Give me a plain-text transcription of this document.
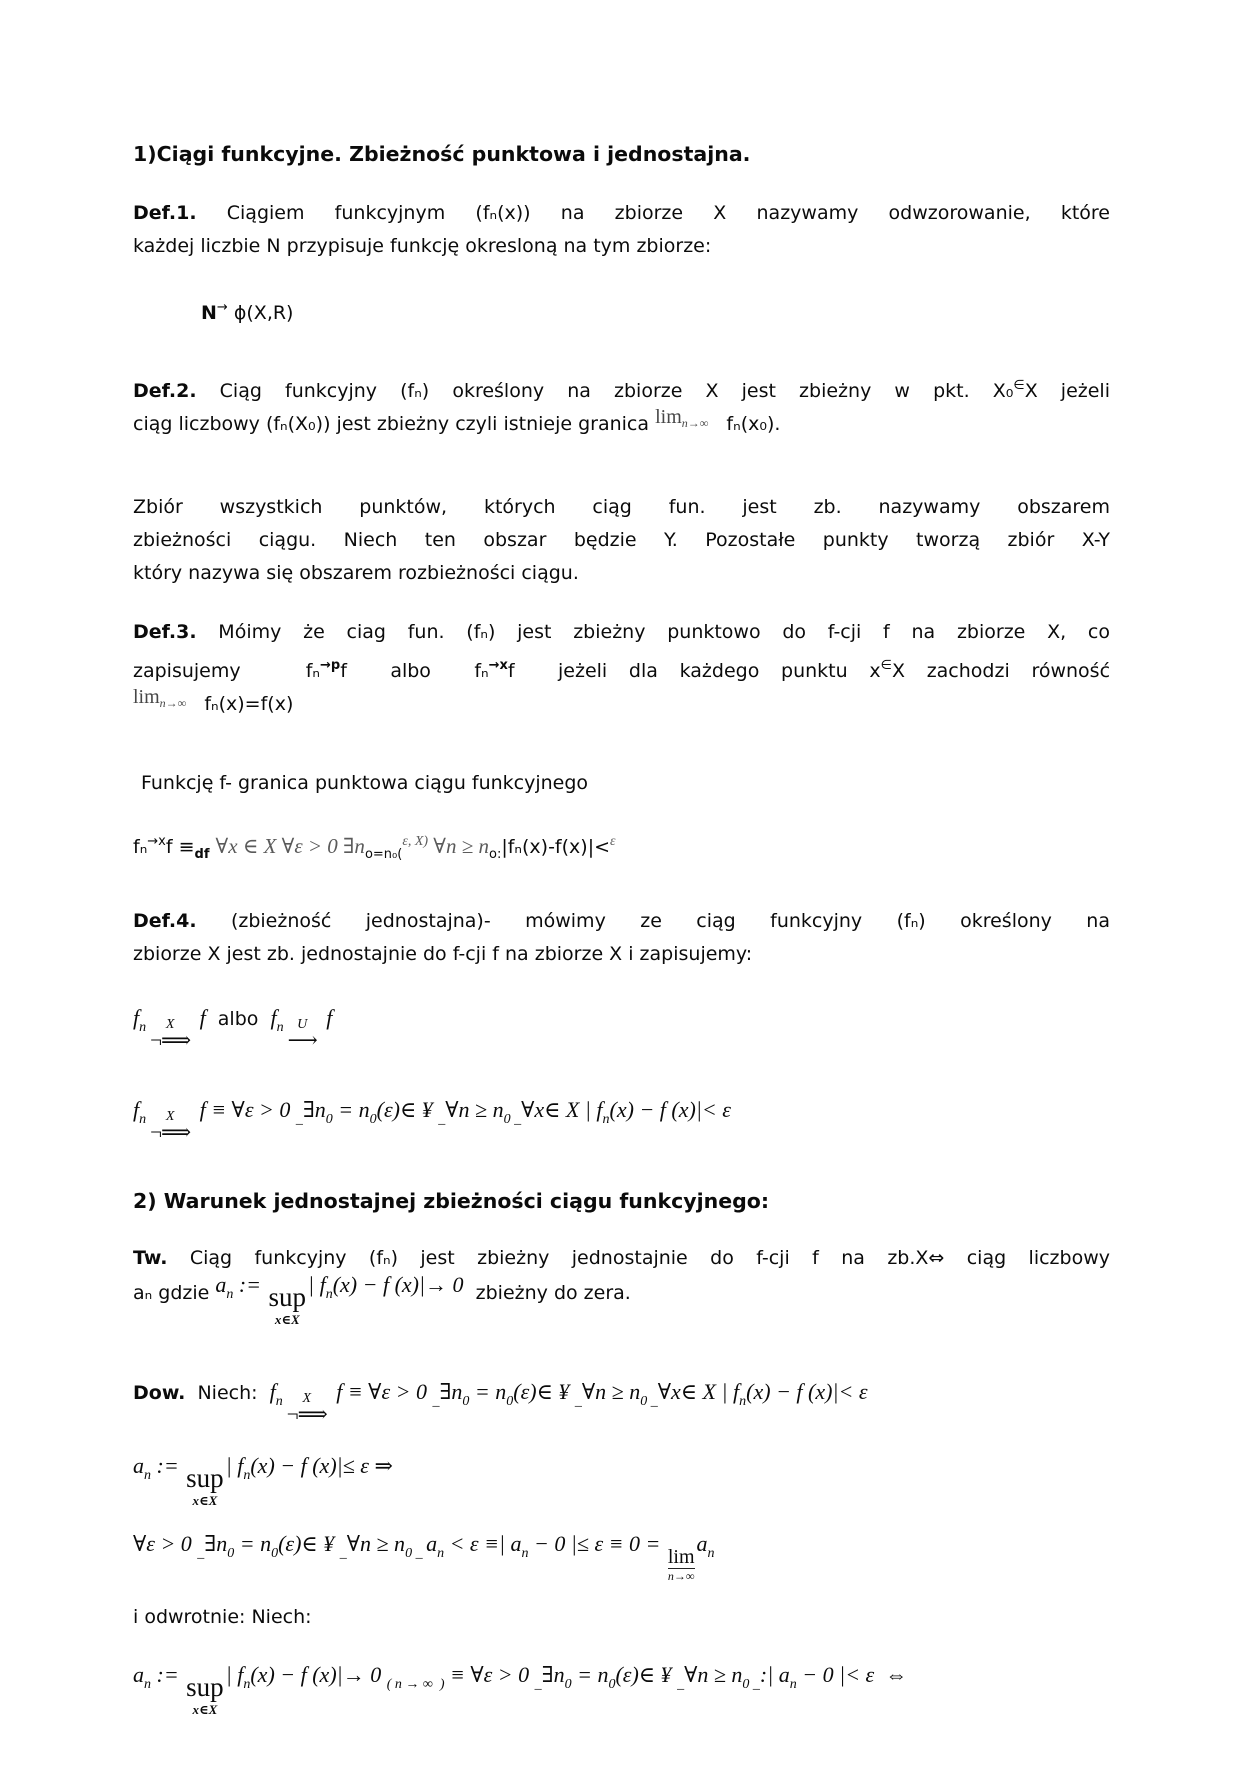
1)Ciągi funkcyjne. Zbieżność punktowa i jednostajna.
Def.1. Ciągiem funkcyjnym (fₙ(x)) na zbiorze X nazywamy odwzorowanie, które
każdej liczbie N przypisuje funkcję okresloną na tym zbiorze:
N→ ϕ(X,R)
Def.2. Ciąg funkcyjny (fₙ) określony na zbiorze X jest zbieżny w pkt. X₀∈X jeżeli
ciąg liczbowy (fₙ(X₀)) jest zbieżny czyli istnieje granica $\lim_{n\to\infty} f_n(x_0)$.
Zbiór wszystkich punktów, których ciąg fun. jest zb. nazywamy obszarem
zbieżności ciągu. Niech ten obszar będzie Y. Pozostałe punkty tworzą zbiór X-Y
który nazywa się obszarem rozbieżności ciągu.
Def.3. Móimy że ciag fun. (fₙ) jest zbieżny punktowo do f-cji f na zbiorze X, co
zapisujemy   fₙ$^{\to p}$f  albo  fₙ$^{\to x}$f  jeżeli dla każdego punktu x∈X zachodzi równość
$\lim_{n\to\infty} f_n(x)=f(x)$
Funkcję f- granica punktowa ciągu funkcyjnego
$f_n^{\to x}f \equiv_{df}$ ∀x ∈ X ∀ε > 0 $\exists n_{o=n_0(}^{\varepsilon, X)}$ ∀n ≥ $n_{o:}|f_n(x)-f(x)|<^\varepsilon$
Def.4. (zbieżność jednostajna)- mówimy ze ciąg funkcyjny (fₙ) określony na
zbiorze X jest zb. jednostajnie do f-cji f na zbiorze X i zapisujemy:
$f_n$ X
¬⟹
f  albo  $f_n$ U
⟶
f
$f_n$ X
¬⟹
f ≡ ∀ε > 0 $_{\_}\exists n_0$ = $n_0(\varepsilon)\in$ ¥ $_{\_}$∀n ≥ $n_{0 \_}\forall x\in$ X | $f_n(x) - f$ (x)|< ε
2) Warunek jednostajnej zbieżności ciągu funkcyjnego:
Tw. Ciąg funkcyjny (fₙ) jest zbieżny jednostajnie do f-cji f na zb.X⇔ ciąg liczbowy
aₙ gdzie an := sup
x∈X
| fn(x) − f (x)|→ 0  zbieżny do zera.
Dow.  Niech:  $f_n$ X
¬⟹
f ≡ ∀ε > 0 $_{\_}\exists n_0$ = $n_0(\varepsilon)\in$ ¥ $_{\_}$∀n ≥ $n_{0 \_}\forall x\in$ X | $f_n(x) - f$ (x)|< ε
$a_n$ := sup
x∈X
| $f_n(x) - f$ (x)|≤ ε ⇒
∀ε > 0 $_{\_}\exists n_0$ = $n_0(\varepsilon)\in$ ¥ $_{\_}$∀n ≥ $n_{0 \_}$ $a_n < \varepsilon$ ≡| $a_n - 0$ |≤ ε ≡ 0 =
lim
n→∞
$a_n$
i odwrotnie: Niech:
$a_n$ := sup
x∈X
| $f_n(x) - f$ (x)|→ 0 $_{( n \to \infty )}$ ≡ ∀ε > 0 $_{\_}\exists n_0$ = $n_0(\varepsilon)\in$ ¥ $_{\_}$∀n ≥ $n_{0 \_}:|$ $a_n - 0$ |< ε  ⇔
